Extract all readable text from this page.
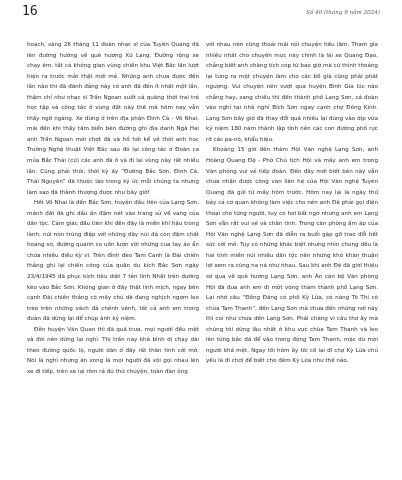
16	Số 40 (tháng 9 năm 2024)

hoạch, sáng 26 tháng 11 đoàn nhạc sĩ của Tuyên Quang đã lên đường hướng về quê hương Xứ Lạng. Đường rộng xe chạy êm, tất cả không gian vùng chiến khu Việt Bắc lần lượt hiện ra trước mắt thật mới mẻ. Những anh chưa được đến lần nào thì đã đành đằng này có anh đã đến ít nhất một lần, thậm chí như nhạc sĩ Trần Ngoan suốt cả quãng thời trai trẻ học tập và công tác ở vùng đất này thế mà hôm nay vẫn thấy ngỡ ngàng. Xe dừng ở trên địa phận Đình Cả - Võ Nhai, mãi đến khi thấy tấm biển bên đường ghi địa danh Ngã Hai anh Trần Ngoan mới chợt đà và hồ hởi kể về thời anh học Trường Nghệ thuật Việt Bắc sau đó lại công tác ở Đoàn ca múa Bắc Thái (cũ) các anh đã ở và đi lại vùng này rất nhiều lần. Cũng phải thôi, thời kỳ ấy “Đường Bắc Sơn, Đình Cả, Thái Nguyên” đã thuộc lào trong ký ức mỗi chúng ta nhưng làm sao đã thành thượng được như bây giờ!

Hết Võ Nhai là đến Bắc Sơn, huyện đầu tiên của Lạng Sơn, mảnh đất đã ghi dấu ấn đậm nét vào trang sử về vang của dân tộc. Cảm giác đầu tiên khi đến đây là miền khí hậu trong lành, núi non trùng điệp với những dãy núi đá còn đậm chất hoang sơ, đường quanh co uốn lượn với những cua tay áo ẩn chứa nhiều điều kỳ vĩ. Trên đỉnh đèo Tam Canh là Đài chiến thắng ghi lại chiến công của quân du kích Bắc Sơn ngày 23/4/1945 đã phục kích tiêu diệt 7 tên lính Nhật trên đường kéo vào Bắc Sơn. Không gian ở đây thật linh mịch, ngay bên cạnh Đài chiến thắng có mấy chủ dê đang nghịch ngợm leo trèo trên những vách đá chênh vênh, tất cả anh em trong đoàn đã dừng lại để chụp ảnh kỷ niệm.

Đến huyện Văn Quan thì đã quá trưa, mọi người đều mệt và đói nên dừng lại nghỉ. Thị trấn này khá bình dị chạy dài theo đường quốc lộ, người dân ở đây rất thân tình cởi mở. Nói là nghỉ nhưng ăn xong là mọi người đã vội gọi nhau lên xe đi tiếp, trên xe lại rôm rả đủ thứ chuyện, toàn đàn ông

với nhau nên cũng thoải mái nói chuyện tiếu lâm. Tham gia nhiều nhất cho chuyến mục này chính là lái xe Quang Đạo, chẳng biết anh chàng tích cóp từ bao giờ mà cứ thỉnh thoảng lại tung ra một chuyện làm cho các bố già cũng phải phát ngượng. Vui chuyện nên vượt qua huyện Bình Gia lúc nào chẳng hay, sang chiều thì đến thành phố Lạng Sơn, cả đoàn vào nghỉ tại nhà nghỉ Bích Sơn ngay cạnh chợ Đông Kinh. Lạng Sơn bây giờ đã thay đổi quá nhiều lại đúng vào dịp vừa kỷ niệm 180 năm thành lập tỉnh nên các con đường phố rực rỡ các pa-nô, khẩu hiệu.

Khoảng 15 giờ đến thăm Hội Văn nghệ Lạng Sơn, anh Hoàng Quang Đệ - Phó Chủ tịch Hội và mấy anh em trong Văn phòng vui vẻ tiếp đoàn. Đến đây mới biết bên này vẫn chưa nhận được công văn liên hệ của Hội Văn nghệ Tuyên Quang đã gửi từ mấy hôm trước. Hôm nay lại là ngày thứ bảy cả cơ quan không làm việc cho nên anh Đệ phải gọi điện thoại cho từng người, tuy có hơi bất ngờ nhưng anh em Lạng Sơn vẫn rất vui vẻ và chân tình. Trong căn phòng ấm áp của Hội Văn nghệ Lạng Sơn đã diễn ra buổi gặp gỡ trao đổi hết sức cởi mở. Tuy có những khác biệt nhưng nhìn chung đều là hai tỉnh miền núi nhiều dân tộc nên những khó khăn thuận lợi xem ra cũng na ná như nhau. Sau khi anh Đệ đã giới thiệu sơ qua về quê hương Lạng Sơn, anh Án cán bộ Văn phòng Hội đã đưa anh em đi một vòng thăm thành phố Lạng Sơn. Lại nhớ câu “Đồng Đăng có phố Kỳ Lừa, có nàng Tô Thị có chùa Tam Thanh”, đến Lạng Sơn mà chưa đến những nơi này thì coi như chưa đến Lạng Sơn. Phải chăng vì câu thơ ấy mà chúng tôi dừng lâu nhất ở khu vực chùa Tam Thanh và leo lên từng bậc đá để vào trong động Tam Thanh, mặc dù mọi người khá mệt. Ngay tối hôm ấy tôi cố lại đi chợ Kỳ Lừa chủ yếu là đi chơi để biết cho đêm Kỳ Lừa như thế nào.
